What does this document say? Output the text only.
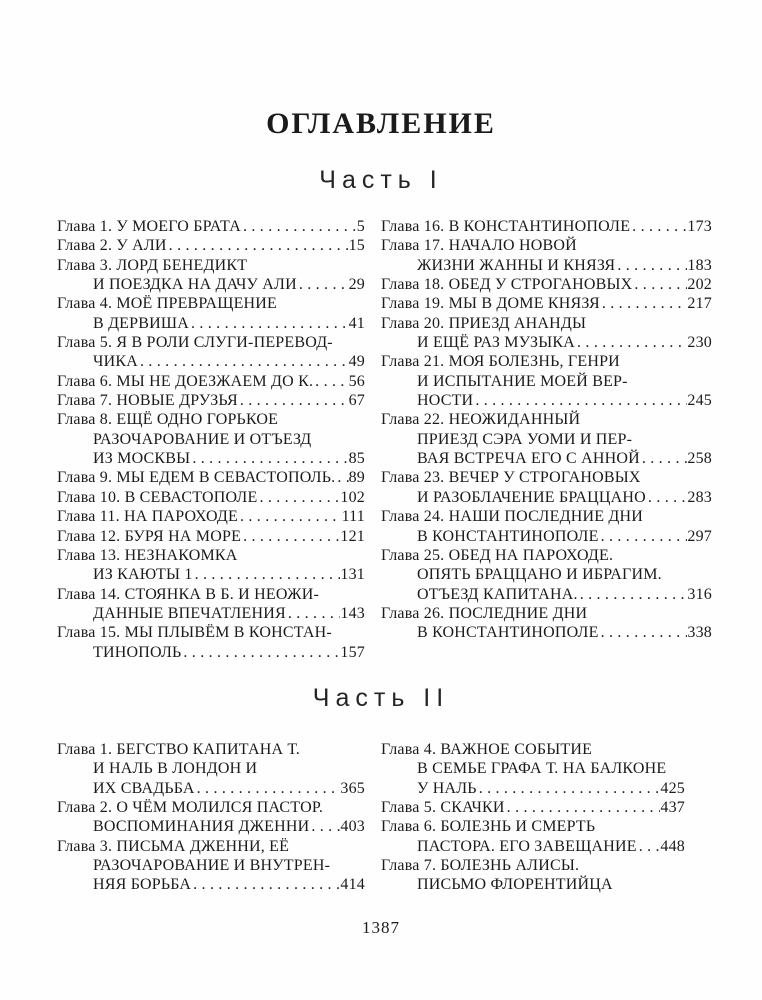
ОГЛАВЛЕНИЕ
Часть I
Глава 1. У МОЕГО БРАТА . . .	5
Глава 2. У АЛИ . . .	15
Глава 3. ЛОРД БЕНЕДИКТ
И ПОЕЗДКА НА ДАЧУ АЛИ . . .	29
Глава 4. МОЁ ПРЕВРАЩЕНИЕ
В ДЕРВИША . . .	41
Глава 5. Я В РОЛИ СЛУГИ-ПЕРЕВОД-
ЧИКА . . .	49
Глава 6. МЫ НЕ ДОЕЗЖАЕМ ДО К. . . . 56
Глава 7. НОВЫЕ ДРУЗЬЯ . . .	67
Глава 8. ЕЩЁ ОДНО ГОРЬКОЕ
РАЗОЧАРОВАНИЕ И ОТЪЕЗД
ИЗ МОСКВЫ . . .	85
Глава 9. МЫ ЕДЕМ В СЕВАСТОПОЛЬ. . . . 89
Глава 10. В СЕВАСТОПОЛЕ . . .	102
Глава 11. НА ПАРОХОДЕ . . .	111
Глава 12. БУРЯ НА МОРЕ . . .	121
Глава 13. НЕЗНАКОМКА
ИЗ КАЮТЫ 1 . . .	131
Глава 14. СТОЯНКА В Б. И НЕОЖИ-
ДАННЫЕ ВПЕЧАТЛЕНИЯ . . .	143
Глава 15. МЫ ПЛЫВЁМ В КОНСТАН-
ТИНОПОЛЬ . . .	157
Глава 16. В КОНСТАНТИНОПОЛЕ . . .	173
Глава 17. НАЧАЛО НОВОЙ
ЖИЗНИ ЖАННЫ И КНЯЗЯ . . .	183
Глава 18. ОБЕД У СТРОГАНОВЫХ . . .	202
Глава 19. МЫ В ДОМЕ КНЯЗЯ . . .	217
Глава 20. ПРИЕЗД АНАНДЫ
И ЕЩЁ РАЗ МУЗЫКА . . .	230
Глава 21. МОЯ БОЛЕЗНЬ, ГЕНРИ
И ИСПЫТАНИЕ МОЕЙ ВЕР-
НОСТИ . . .	245
Глава 22. НЕОЖИДАННЫЙ
ПРИЕЗД СЭРА УОМИ И ПЕР-
ВАЯ ВСТРЕЧА ЕГО С АННОЙ . . .	258
Глава 23. ВЕЧЕР У СТРОГАНОВЫХ
И РАЗОБЛАЧЕНИЕ БРАЦЦАНО . . .	283
Глава 24. НАШИ ПОСЛЕДНИЕ ДНИ
В КОНСТАНТИНОПОЛЕ . . .	297
Глава 25. ОБЕД НА ПАРОХОДЕ.
ОПЯТЬ БРАЦЦАНО И ИБРАГИМ.
ОТЪЕЗД КАПИТАНА. . . .	316
Глава 26. ПОСЛЕДНИЕ ДНИ
В КОНСТАНТИНОПОЛЕ . . .	338
Часть II
Глава 1. БЕГСТВО КАПИТАНА Т.
И НАЛЬ В ЛОНДОН И
ИХ СВАДЬБА . . .	365
Глава 2. О ЧЁМ МОЛИЛСЯ ПАСТОР.
ВОСПОМИНАНИЯ ДЖЕННИ . . . 403
Глава 3. ПИСЬМА ДЖЕННИ, ЕЁ
РАЗОЧАРОВАНИЕ И ВНУТРЕН-
НЯЯ БОРЬБА . . .	414
Глава 4. ВАЖНОЕ СОБЫТИЕ
В СЕМЬЕ ГРАФА Т. НА БАЛКОНЕ
У НАЛЬ . . .	425
Глава 5. СКАЧКИ . . .	437
Глава 6. БОЛЕЗНЬ И СМЕРТЬ
ПАСТОРА. ЕГО ЗАВЕЩАНИЕ . . . 448
Глава 7. БОЛЕЗНЬ АЛИСЫ.
ПИСЬМО ФЛОРЕНТИЙЦА
1387
